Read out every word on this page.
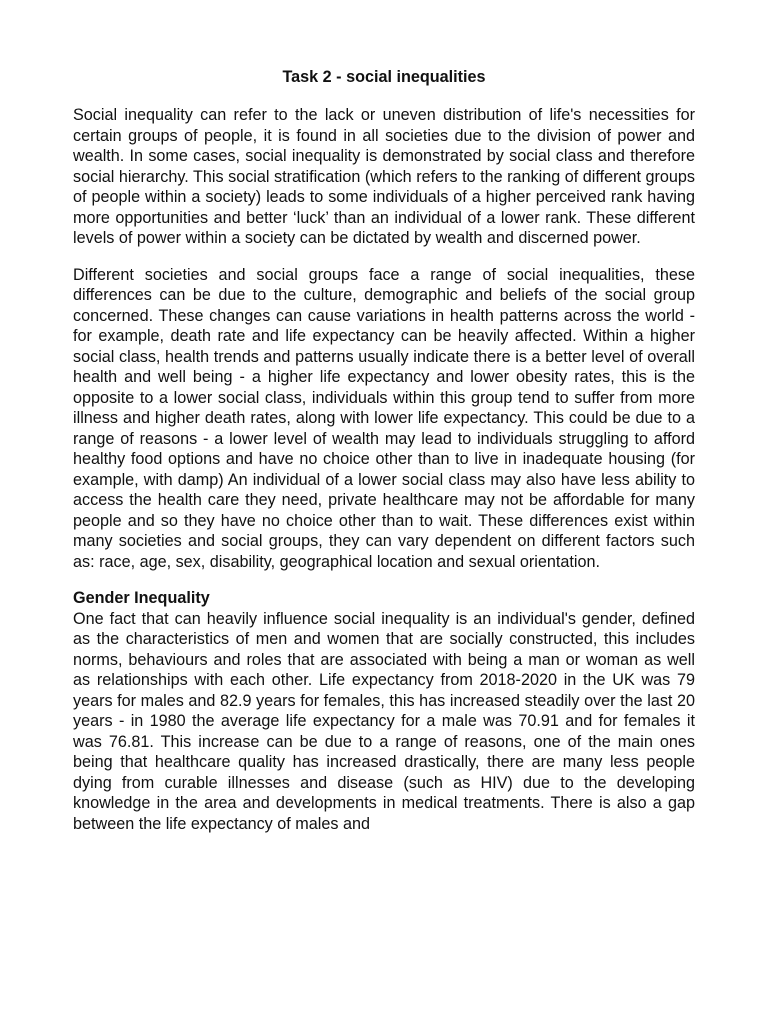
Task 2 - social inequalities

Social inequality can refer to the lack or uneven distribution of life's necessities for certain groups of people, it is found in all societies due to the division of power and wealth. In some cases, social inequality is demonstrated by social class and therefore social hierarchy. This social stratification (which refers to the ranking of different groups of people within a society) leads to some individuals of a higher perceived rank having more opportunities and better ‘luck’ than an individual of a lower rank. These different levels of power within a society can be dictated by wealth and discerned power.

Different societies and social groups face a range of social inequalities, these differences can be due to the culture, demographic and beliefs of the social group concerned. These changes can cause variations in health patterns across the world - for example, death rate and life expectancy can be heavily affected. Within a higher social class, health trends and patterns usually indicate there is a better level of overall health and well being - a higher life expectancy and lower obesity rates, this is the opposite to a lower social class, individuals within this group tend to suffer from more illness and higher death rates, along with lower life expectancy. This could be due to a range of reasons - a lower level of wealth may lead to individuals struggling to afford healthy food options and have no choice other than to live in inadequate housing (for example, with damp) An individual of a lower social class may also have less ability to access the health care they need, private healthcare may not be affordable for many people and so they have no choice other than to wait. These differences exist within many societies and social groups, they can vary dependent on different factors such as: race, age, sex, disability, geographical location and sexual orientation.

Gender Inequality

One fact that can heavily influence social inequality is an individual's gender, defined as the characteristics of men and women that are socially constructed, this includes norms, behaviours and roles that are associated with being a man or woman as well as relationships with each other. Life expectancy from 2018-2020 in the UK was 79 years for males and 82.9 years for females, this has increased steadily over the last 20 years - in 1980 the average life expectancy for a male was 70.91 and for females it was 76.81. This increase can be due to a range of reasons, one of the main ones being that healthcare quality has increased drastically, there are many less people dying from curable illnesses and disease (such as HIV) due to the developing knowledge in the area and developments in medical treatments. There is also a gap between the life expectancy of males and
